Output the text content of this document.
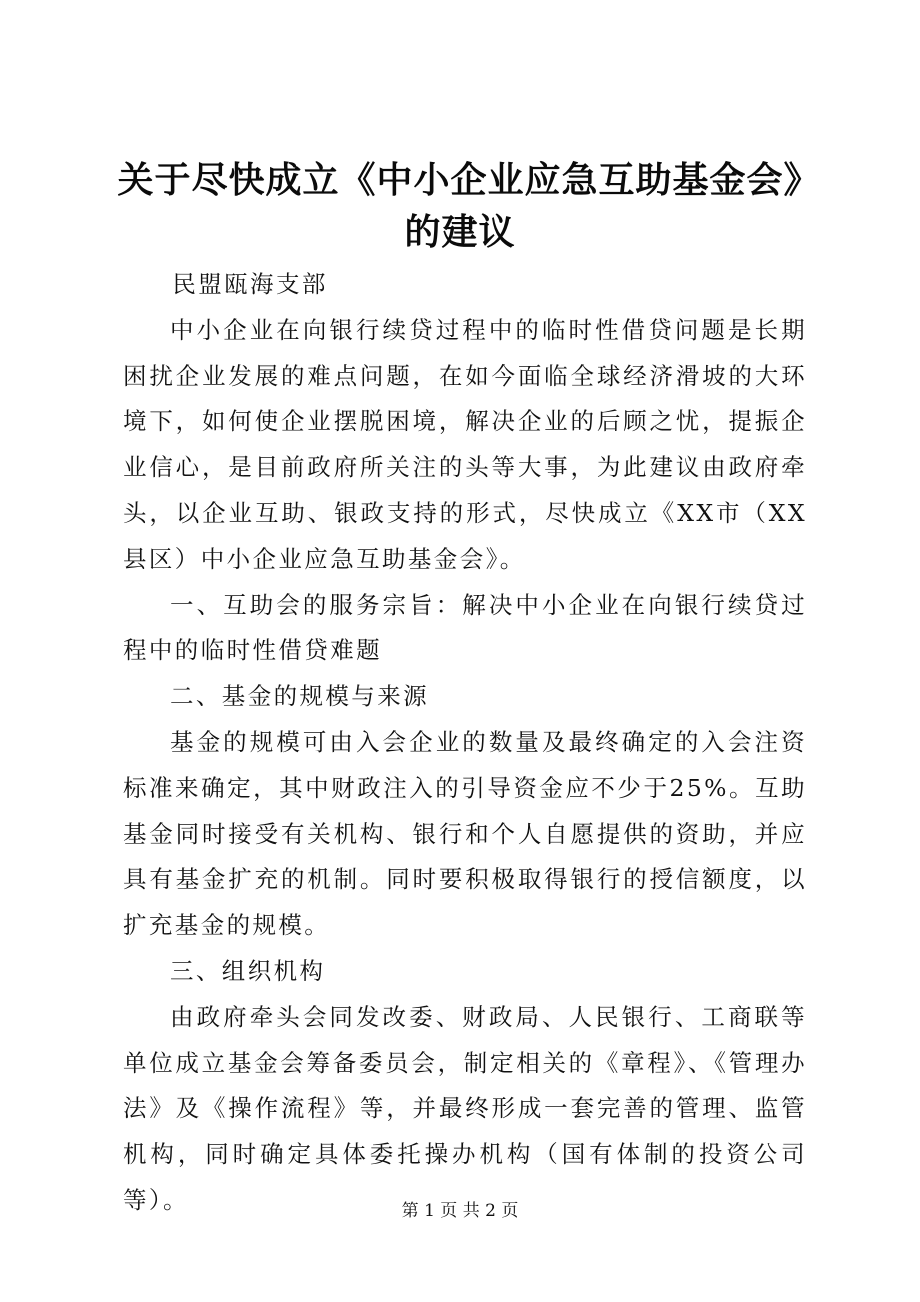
关于尽快成立《中小企业应急互助基金会》的建议

民盟瓯海支部

中小企业在向银行续贷过程中的临时性借贷问题是长期困扰企业发展的难点问题，在如今面临全球经济滑坡的大环境下，如何使企业摆脱困境，解决企业的后顾之忧，提振企业信心，是目前政府所关注的头等大事，为此建议由政府牵头，以企业互助、银政支持的形式，尽快成立《XX市（XX县区）中小企业应急互助基金会》。

一、互助会的服务宗旨：解决中小企业在向银行续贷过程中的临时性借贷难题

二、基金的规模与来源

基金的规模可由入会企业的数量及最终确定的入会注资标准来确定，其中财政注入的引导资金应不少于25%。互助基金同时接受有关机构、银行和个人自愿提供的资助，并应具有基金扩充的机制。同时要积极取得银行的授信额度，以扩充基金的规模。

三、组织机构

由政府牵头会同发改委、财政局、人民银行、工商联等单位成立基金会筹备委员会，制定相关的《章程》、《管理办法》及《操作流程》等，并最终形成一套完善的管理、监管机构，同时确定具体委托操办机构（国有体制的投资公司等）。	第 1 页 共 2 页
